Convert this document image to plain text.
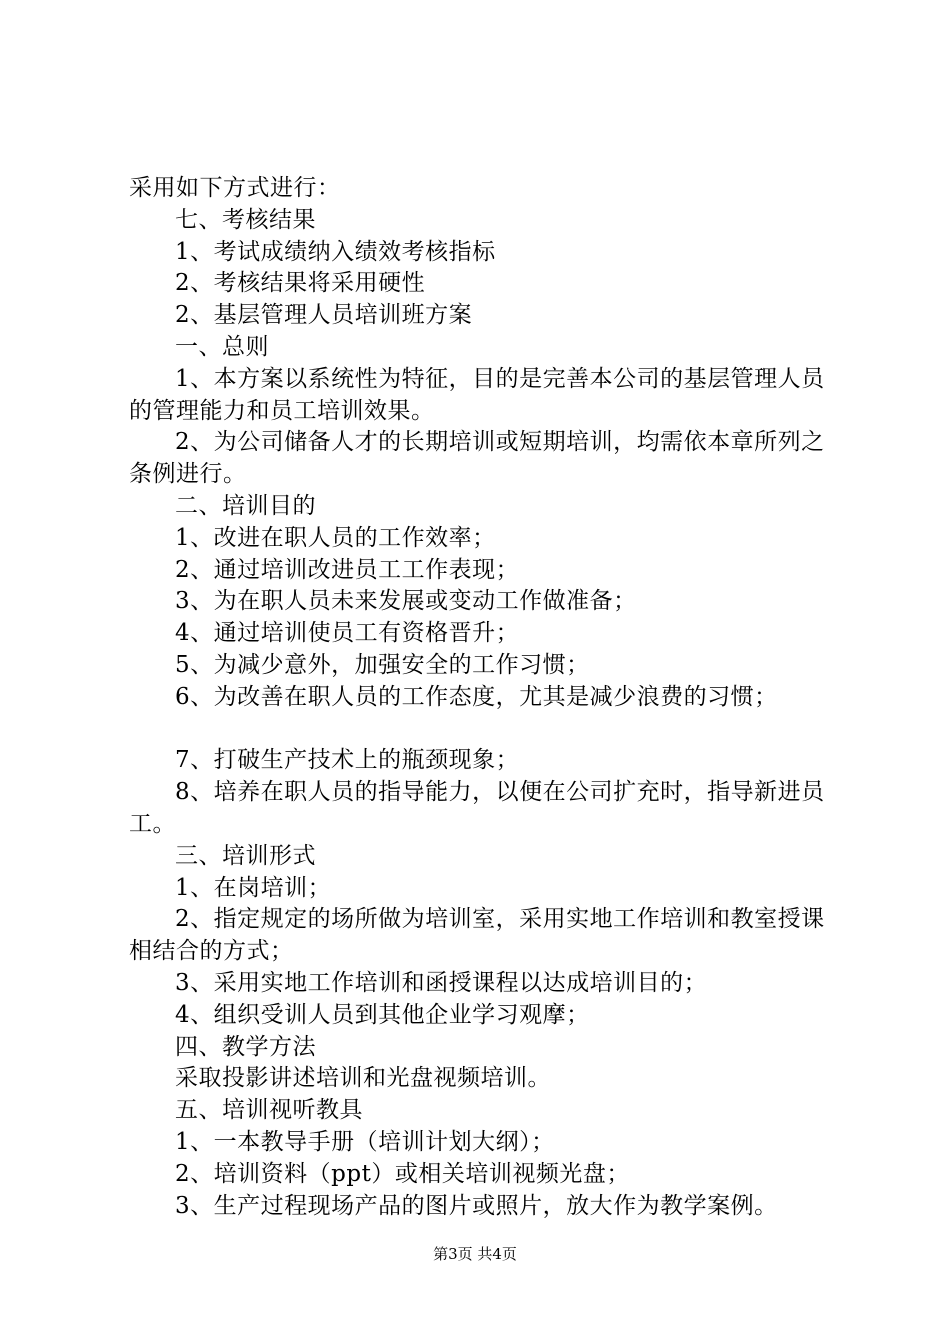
采用如下方式进行：

七、考核结果

1、考试成绩纳入绩效考核指标

2、考核结果将采用硬性

2、基层管理人员培训班方案

一、总则

1、本方案以系统性为特征，目的是完善本公司的基层管理人员的管理能力和员工培训效果。

2、为公司储备人才的长期培训或短期培训，均需依本章所列之条例进行。

二、培训目的

1、改进在职人员的工作效率；

2、通过培训改进员工工作表现；

3、为在职人员未来发展或变动工作做准备；

4、通过培训使员工有资格晋升；

5、为减少意外，加强安全的工作习惯；

6、为改善在职人员的工作态度，尤其是减少浪费的习惯；

7、打破生产技术上的瓶颈现象；

8、培养在职人员的指导能力，以便在公司扩充时，指导新进员工。

三、培训形式

1、在岗培训；

2、指定规定的场所做为培训室，采用实地工作培训和教室授课相结合的方式；

3、采用实地工作培训和函授课程以达成培训目的；

4、组织受训人员到其他企业学习观摩；

四、教学方法

采取投影讲述培训和光盘视频培训。

五、培训视听教具

1、一本教导手册（培训计划大纲）；

2、培训资料（ppt）或相关培训视频光盘；

3、生产过程现场产品的图片或照片，放大作为教学案例。

第3页 共4页
